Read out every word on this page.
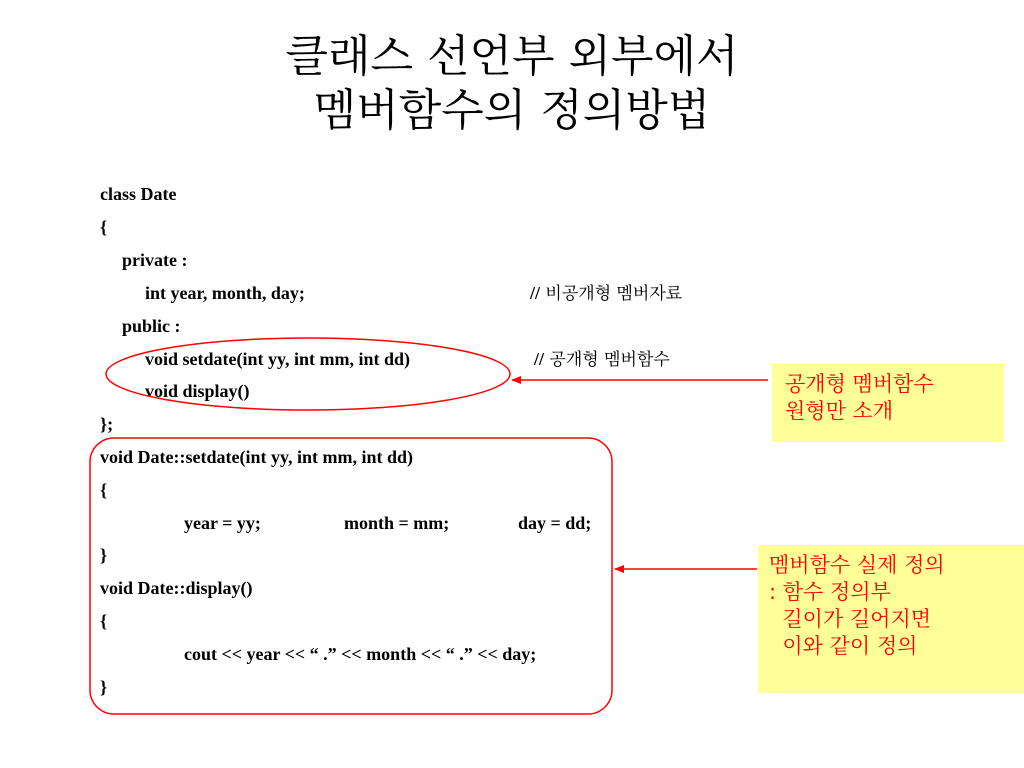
클래스 선언부 외부에서
멤버함수의 정의방법
class Date
{
private :
int year, month, day;
public :
void setdate(int yy, int mm, int dd)
void display()
};
void Date::setdate(int yy, int mm, int dd)
{
year = yy;	month = mm;	day = dd;
}
void Date::display()
{
cout << year << “ .” << month << “ .” << day;
}
// 비공개형 멤버자료
// 공개형 멤버함수
공개형 멤버함수
원형만 소개
멤버함수 실제 정의
: 함수 정의부
길이가 길어지면
이와 같이 정의
